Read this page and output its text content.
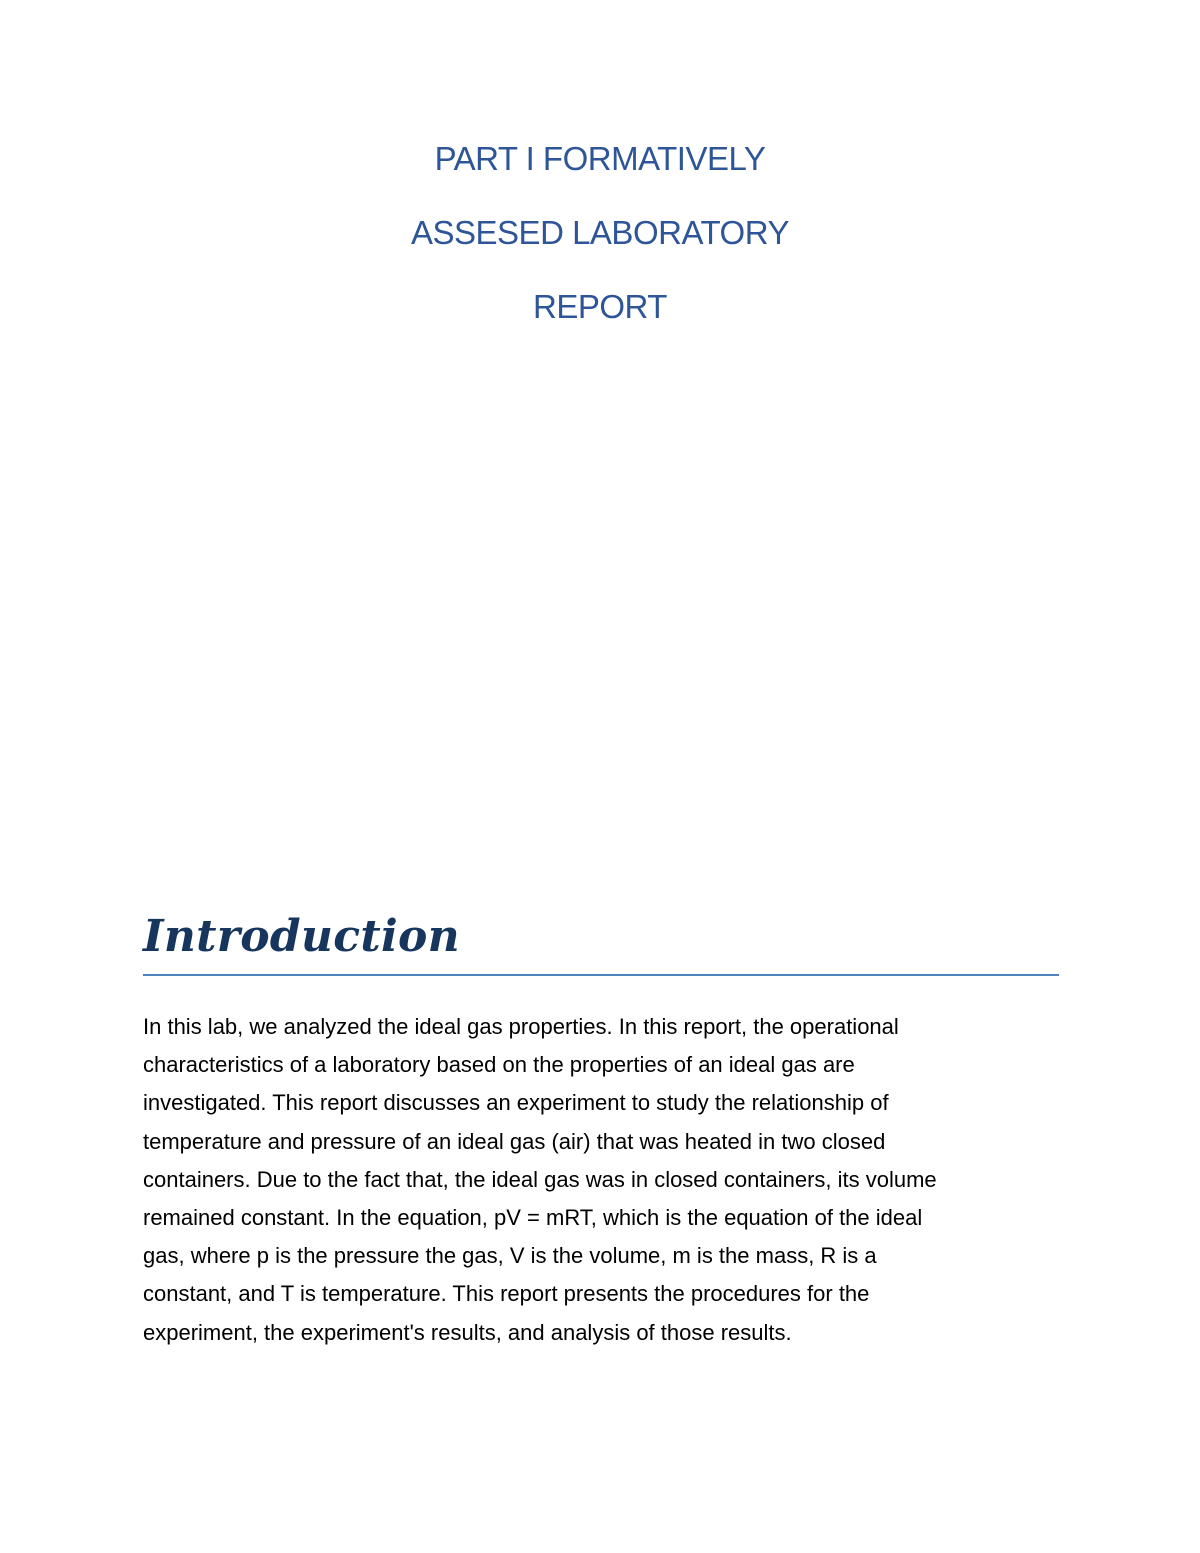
PART I FORMATIVELY

ASSESED LABORATORY

REPORT

Introduction

In this lab, we analyzed the ideal gas properties. In this report, the operational
characteristics of a laboratory based on the properties of an ideal gas are
investigated. This report discusses an experiment to study the relationship of
temperature and pressure of an ideal gas (air) that was heated in two closed
containers. Due to the fact that, the ideal gas was in closed containers, its volume
remained constant. In the equation, pV = mRT, which is the equation of the ideal
gas, where p is the pressure the gas, V is the volume, m is the mass, R is a
constant, and T is temperature. This report presents the procedures for the
experiment, the experiment's results, and analysis of those results.
